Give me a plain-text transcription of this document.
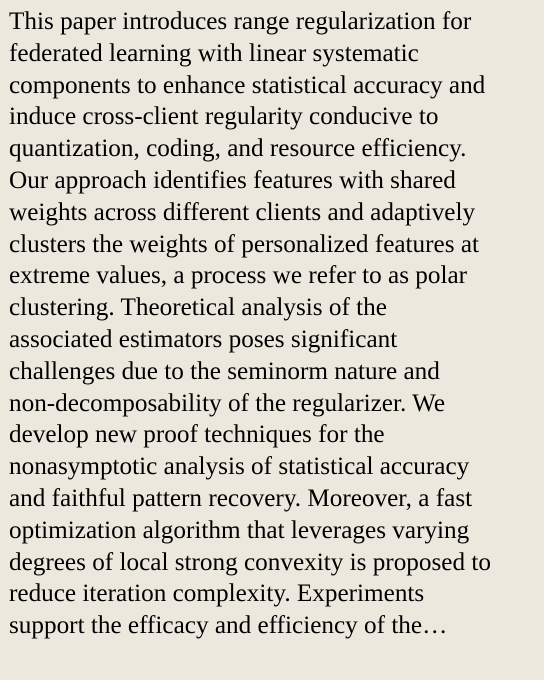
This paper introduces range regularization for
federated learning with linear systematic
components to enhance statistical accuracy and
induce cross-client regularity conducive to
quantization, coding, and resource efficiency.
Our approach identifies features with shared
weights across different clients and adaptively
clusters the weights of personalized features at
extreme values, a process we refer to as polar
clustering. Theoretical analysis of the
associated estimators poses significant
challenges due to the seminorm nature and
non-decomposability of the regularizer. We
develop new proof techniques for the
nonasymptotic analysis of statistical accuracy
and faithful pattern recovery. Moreover, a fast
optimization algorithm that leverages varying
degrees of local strong convexity is proposed to
reduce iteration complexity. Experiments
support the efficacy and efficiency of the…
